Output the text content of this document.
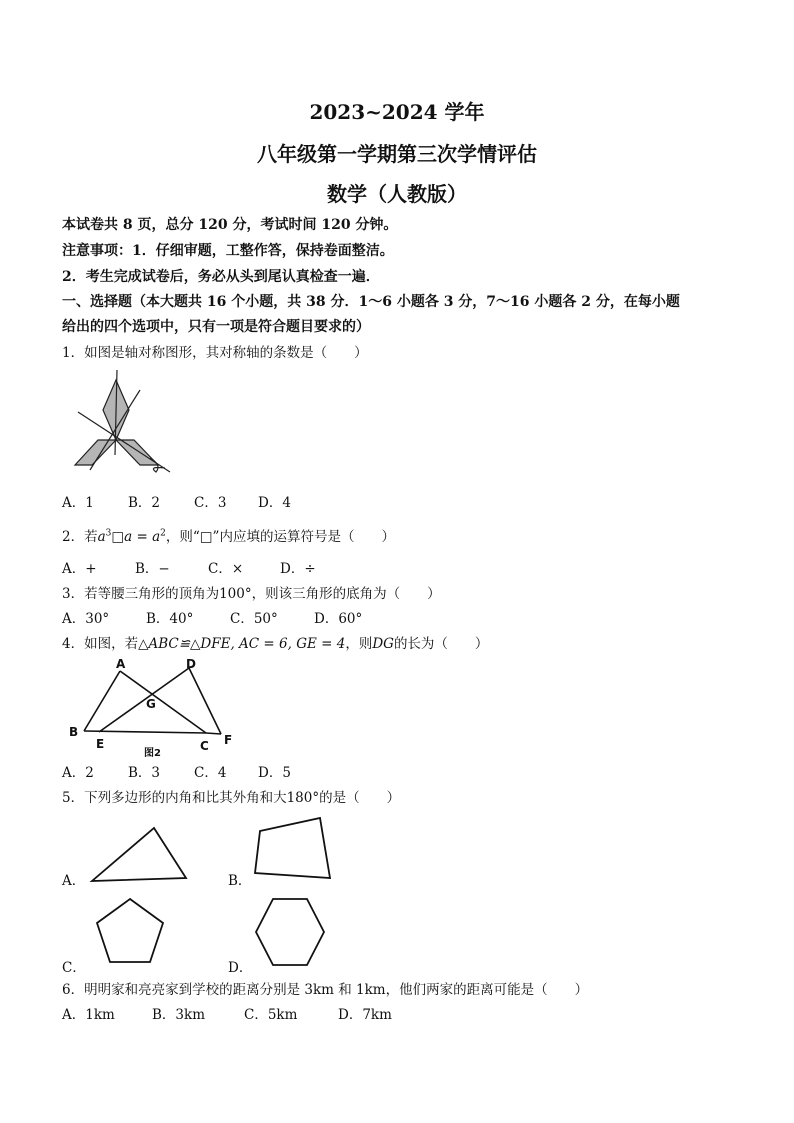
2023~2024 学年
八年级第一学期第三次学情评估
数学（人教版）
本试卷共 8 页，总分 120 分，考试时间 120 分钟。
注意事项：1．仔细审题，工整作答，保持卷面整洁。
2．考生完成试卷后，务必从头到尾认真检查一遍．
一、选择题（本大题共 16 个小题，共 38 分．1～6 小题各 3 分，7～16 小题各 2 分，在每小题
给出的四个选项中，只有一项是符合题目要求的）
1．如图是轴对称图形，其对称轴的条数是（　　）
A．1	B．2	C．3 D．4
2．若$a^3□a = a^2$，则“□”内应填的运算符号是（　　）
A．+	B．−	C．×	D．÷
3．若等腰三角形的顶角为100°，则该三角形的底角为（　　）
A．30°	B．40°	C．50°	D．60°
4．如图，若△ABC≌△DFE, AC = 6, GE = 4，则DG的长为（　　）
A	D
G
B
E	C F
图2
A．2	B．3	C．4 D．5
5．下列多边形的内角和比其外角和大180°的是（　　）
A．	B．
C．	D．
6．明明家和亮亮家到学校的距离分别是 3km 和 1km，他们两家的距离可能是（　　）
A．1km	B．3km	C．5km	D．7km
